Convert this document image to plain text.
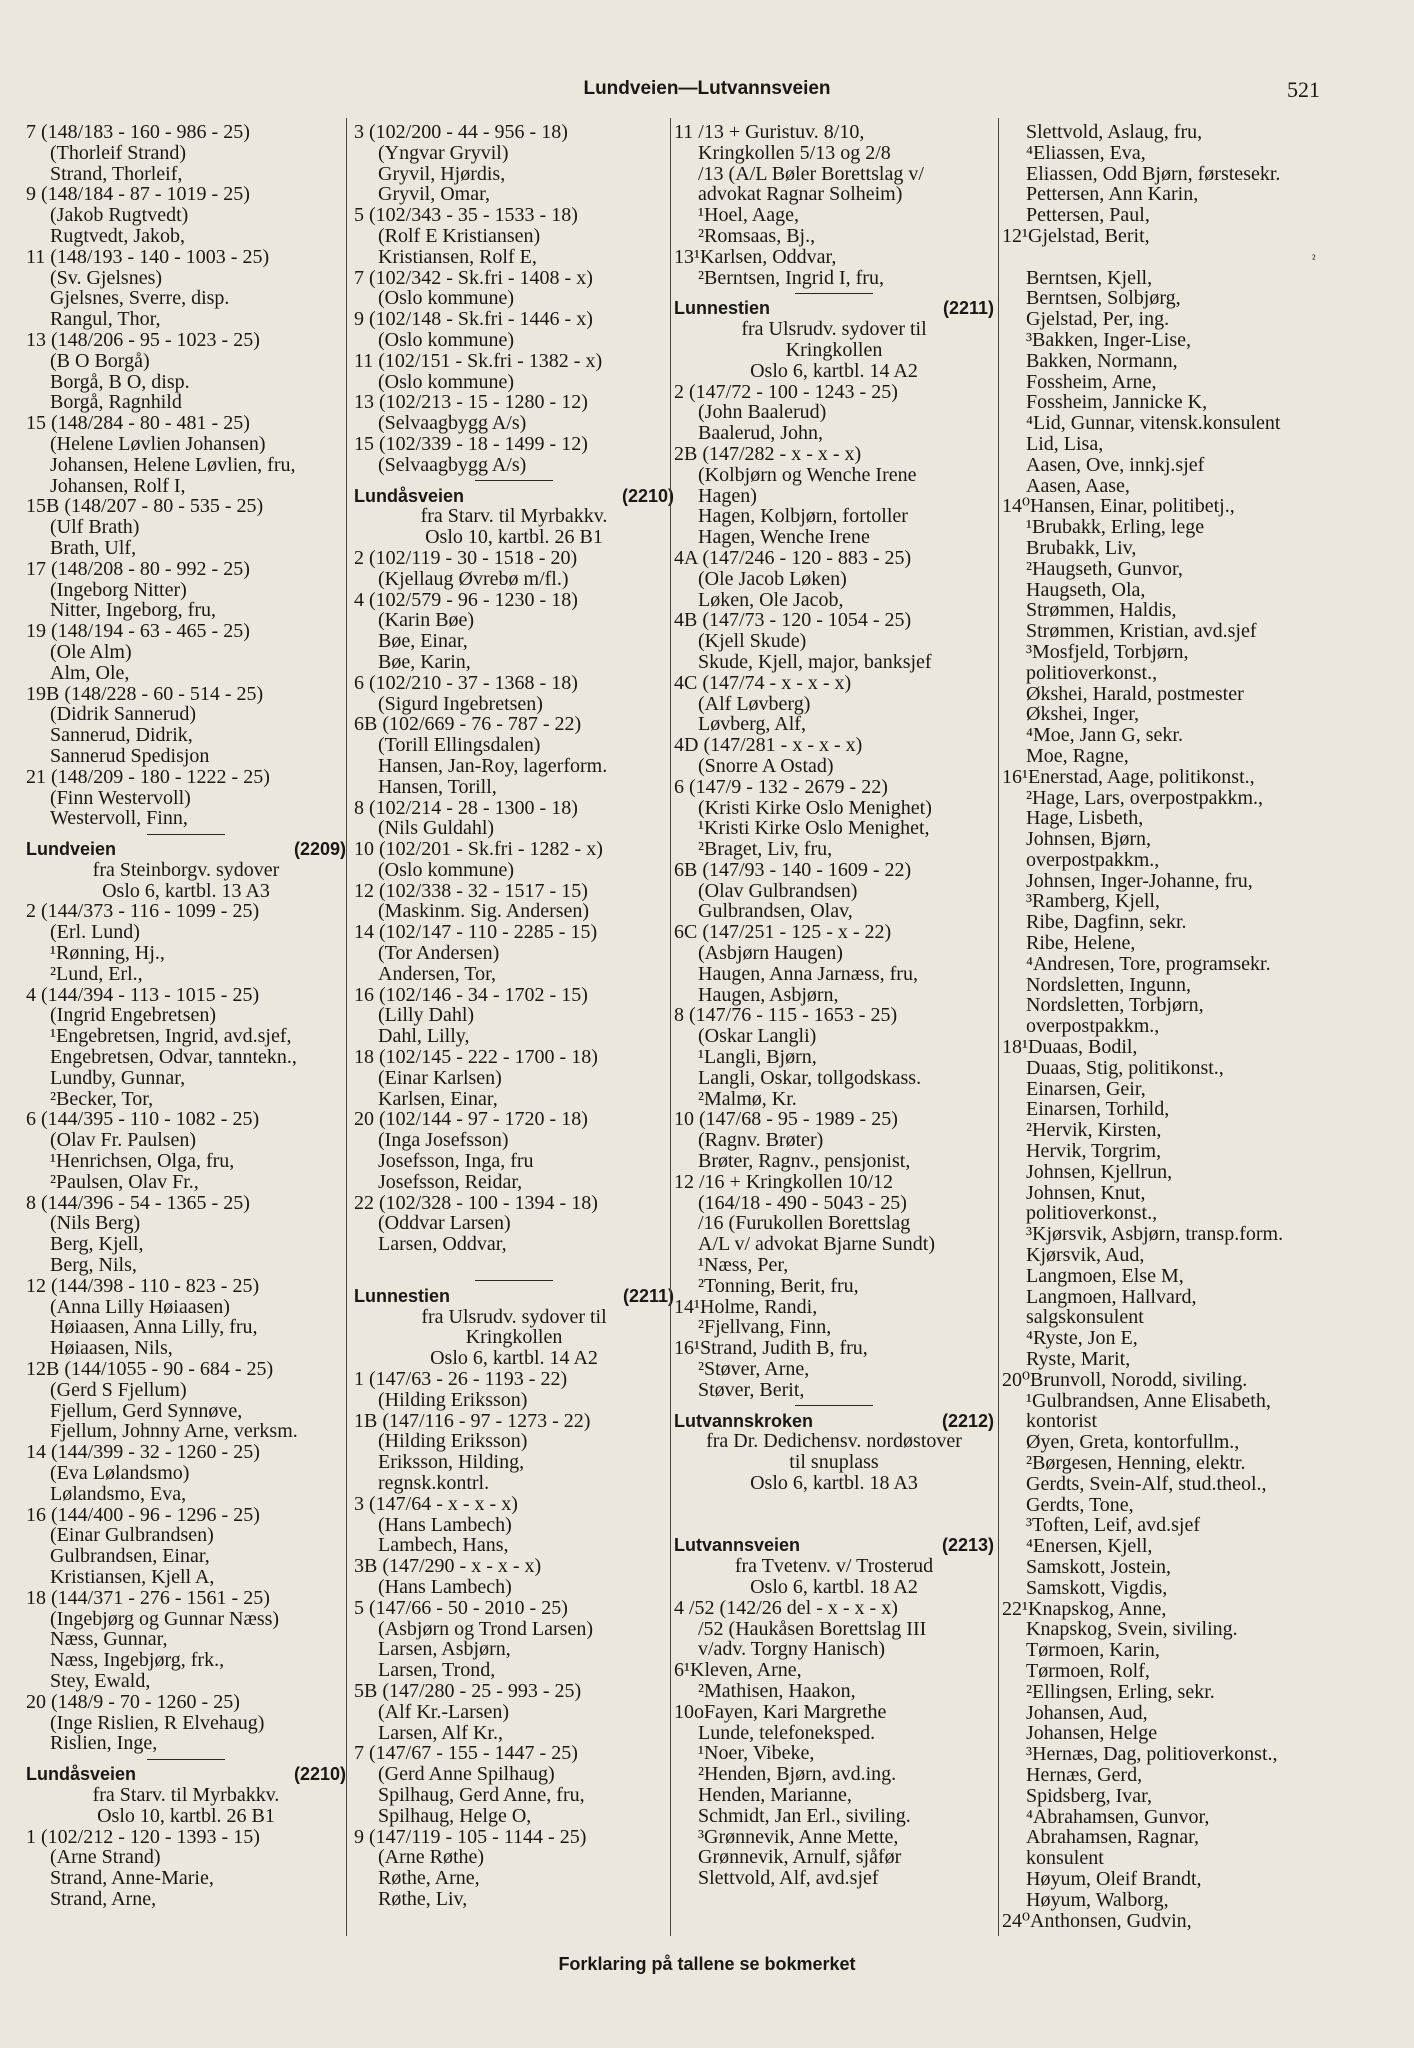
Lundveien—Lutvannsveien	521
7 (148/183 - 160 - 986 - 25)
(Thorleif Strand)
Strand, Thorleif,
9 (148/184 - 87 - 1019 - 25)
(Jakob Rugtvedt)
Rugtvedt, Jakob,
11 (148/193 - 140 - 1003 - 25)
(Sv. Gjelsnes)
Gjelsnes, Sverre, disp.
Rangul, Thor,
13 (148/206 - 95 - 1023 - 25)
(B O Borgå)
Borgå, B O, disp.
Borgå, Ragnhild
15 (148/284 - 80 - 481 - 25)
(Helene Løvlien Johansen)
Johansen, Helene Løvlien, fru,
Johansen, Rolf I,
15B (148/207 - 80 - 535 - 25)
(Ulf Brath)
Brath, Ulf,
17 (148/208 - 80 - 992 - 25)
(Ingeborg Nitter)
Nitter, Ingeborg, fru,
19 (148/194 - 63 - 465 - 25)
(Ole Alm)
Alm, Ole,
19B (148/228 - 60 - 514 - 25)
(Didrik Sannerud)
Sannerud, Didrik,
Sannerud Spedisjon
21 (148/209 - 180 - 1222 - 25)
(Finn Westervoll)
Westervoll, Finn,
Lundveien	(2209)
fra Steinborgv. sydover
Oslo 6, kartbl. 13 A3
2 (144/373 - 116 - 1099 - 25)
(Erl. Lund)
¹Rønning, Hj.,
²Lund, Erl.,
4 (144/394 - 113 - 1015 - 25)
(Ingrid Engebretsen)
¹Engebretsen, Ingrid, avd.sjef,
Engebretsen, Odvar, tanntekn.,
Lundby, Gunnar,
²Becker, Tor,
6 (144/395 - 110 - 1082 - 25)
(Olav Fr. Paulsen)
¹Henrichsen, Olga, fru,
²Paulsen, Olav Fr.,
8 (144/396 - 54 - 1365 - 25)
(Nils Berg)
Berg, Kjell,
Berg, Nils,
12 (144/398 - 110 - 823 - 25)
(Anna Lilly Høiaasen)
Høiaasen, Anna Lilly, fru,
Høiaasen, Nils,
12B (144/1055 - 90 - 684 - 25)
(Gerd S Fjellum)
Fjellum, Gerd Synnøve,
Fjellum, Johnny Arne, verksm.
14 (144/399 - 32 - 1260 - 25)
(Eva Lølandsmo)
Lølandsmo, Eva,
16 (144/400 - 96 - 1296 - 25)
(Einar Gulbrandsen)
Gulbrandsen, Einar,
Kristiansen, Kjell A,
18 (144/371 - 276 - 1561 - 25)
(Ingebjørg og Gunnar Næss)
Næss, Gunnar,
Næss, Ingebjørg, frk.,
Stey, Ewald,
20 (148/9 - 70 - 1260 - 25)
(Inge Rislien, R Elvehaug)
Rislien, Inge,
Lundåsveien	(2210)
fra Starv. til Myrbakkv.
Oslo 10, kartbl. 26 B1
1 (102/212 - 120 - 1393 - 15)
(Arne Strand)
Strand, Anne-Marie,
Strand, Arne,
3 (102/200 - 44 - 956 - 18)
(Yngvar Gryvil)
Gryvil, Hjørdis,
Gryvil, Omar,
5 (102/343 - 35 - 1533 - 18)
(Rolf E Kristiansen)
Kristiansen, Rolf E,
7 (102/342 - Sk.fri - 1408 - x)
(Oslo kommune)
9 (102/148 - Sk.fri - 1446 - x)
(Oslo kommune)
11 (102/151 - Sk.fri - 1382 - x)
(Oslo kommune)
13 (102/213 - 15 - 1280 - 12)
(Selvaagbygg A/s)
15 (102/339 - 18 - 1499 - 12)
(Selvaagbygg A/s)
Lundåsveien	(2210)
fra Starv. til Myrbakkv.
Oslo 10, kartbl. 26 B1
2 (102/119 - 30 - 1518 - 20)
(Kjellaug Øvrebø m/fl.)
4 (102/579 - 96 - 1230 - 18)
(Karin Bøe)
Bøe, Einar,
Bøe, Karin,
6 (102/210 - 37 - 1368 - 18)
(Sigurd Ingebretsen)
6B (102/669 - 76 - 787 - 22)
(Torill Ellingsdalen)
Hansen, Jan-Roy, lagerform.
Hansen, Torill,
8 (102/214 - 28 - 1300 - 18)
(Nils Guldahl)
10 (102/201 - Sk.fri - 1282 - x)
(Oslo kommune)
12 (102/338 - 32 - 1517 - 15)
(Maskinm. Sig. Andersen)
14 (102/147 - 110 - 2285 - 15)
(Tor Andersen)
Andersen, Tor,
16 (102/146 - 34 - 1702 - 15)
(Lilly Dahl)
Dahl, Lilly,
18 (102/145 - 222 - 1700 - 18)
(Einar Karlsen)
Karlsen, Einar,
20 (102/144 - 97 - 1720 - 18)
(Inga Josefsson)
Josefsson, Inga, fru
Josefsson, Reidar,
22 (102/328 - 100 - 1394 - 18)
(Oddvar Larsen)
Larsen, Oddvar,
Lunnestien	(2211)
fra Ulsrudv. sydover til
Kringkollen
Oslo 6, kartbl. 14 A2
1 (147/63 - 26 - 1193 - 22)
(Hilding Eriksson)
1B (147/116 - 97 - 1273 - 22)
(Hilding Eriksson)
Eriksson, Hilding,
regnsk.kontrl.
3 (147/64 - x - x - x)
(Hans Lambech)
Lambech, Hans,
3B (147/290 - x - x - x)
(Hans Lambech)
5 (147/66 - 50 - 2010 - 25)
(Asbjørn og Trond Larsen)
Larsen, Asbjørn,
Larsen, Trond,
5B (147/280 - 25 - 993 - 25)
(Alf Kr.-Larsen)
Larsen, Alf Kr.,
7 (147/67 - 155 - 1447 - 25)
(Gerd Anne Spilhaug)
Spilhaug, Gerd Anne, fru,
Spilhaug, Helge O,
9 (147/119 - 105 - 1144 - 25)
(Arne Røthe)
Røthe, Arne,
Røthe, Liv,
11 /13 + Guristuv. 8/10,
Kringkollen 5/13 og 2/8
/13 (A/L Bøler Borettslag v/
advokat Ragnar Solheim)
¹Hoel, Aage,
²Romsaas, Bj.,
13¹Karlsen, Oddvar,
²Berntsen, Ingrid I, fru,
Lunnestien	(2211)
fra Ulsrudv. sydover til
Kringkollen
Oslo 6, kartbl. 14 A2
2 (147/72 - 100 - 1243 - 25)
(John Baalerud)
Baalerud, John,
2B (147/282 - x - x - x)
(Kolbjørn og Wenche Irene
Hagen)
Hagen, Kolbjørn, fortoller
Hagen, Wenche Irene
4A (147/246 - 120 - 883 - 25)
(Ole Jacob Løken)
Løken, Ole Jacob,
4B (147/73 - 120 - 1054 - 25)
(Kjell Skude)
Skude, Kjell, major, banksjef
4C (147/74 - x - x - x)
(Alf Løvberg)
Løvberg, Alf,
4D (147/281 - x - x - x)
(Snorre A Ostad)
6 (147/9 - 132 - 2679 - 22)
(Kristi Kirke Oslo Menighet)
¹Kristi Kirke Oslo Menighet,
²Braget, Liv, fru,
6B (147/93 - 140 - 1609 - 22)
(Olav Gulbrandsen)
Gulbrandsen, Olav,
6C (147/251 - 125 - x - 22)
(Asbjørn Haugen)
Haugen, Anna Jarnæss, fru,
Haugen, Asbjørn,
8 (147/76 - 115 - 1653 - 25)
(Oskar Langli)
¹Langli, Bjørn,
Langli, Oskar, tollgodskass.
²Malmø, Kr.
10 (147/68 - 95 - 1989 - 25)
(Ragnv. Brøter)
Brøter, Ragnv., pensjonist,
12 /16 + Kringkollen 10/12
(164/18 - 490 - 5043 - 25)
/16 (Furukollen Borettslag
A/L v/ advokat Bjarne Sundt)
¹Næss, Per,
²Tonning, Berit, fru,
14¹Holme, Randi,
²Fjellvang, Finn,
16¹Strand, Judith B, fru,
²Støver, Arne,
Støver, Berit,
Lutvannskroken	(2212)
fra Dr. Dedichensv. nordøstover
til snuplass
Oslo 6, kartbl. 18 A3
Lutvannsveien	(2213)
fra Tvetenv. v/ Trosterud
Oslo 6, kartbl. 18 A2
4 /52 (142/26 del - x - x - x)
/52 (Haukåsen Borettslag III
v/adv. Torgny Hanisch)
6¹Kleven, Arne,
²Mathisen, Haakon,
10oFayen, Kari Margrethe
Lunde, telefoneksped.
¹Noer, Vibeke,
²Henden, Bjørn, avd.ing.
Henden, Marianne,
Schmidt, Jan Erl., siviling.
³Grønnevik, Anne Mette,
Grønnevik, Arnulf, sjåfør
Slettvold, Alf, avd.sjef
Slettvold, Aslaug, fru,
⁴Eliassen, Eva,
Eliassen, Odd Bjørn, førstesekr.
Pettersen, Ann Karin,
Pettersen, Paul,
12¹Gjelstad, Berit,
Berntsen, Kjell,
Berntsen, Solbjørg,
Gjelstad, Per, ing.
³Bakken, Inger-Lise,
Bakken, Normann,
Fossheim, Arne,
Fossheim, Jannicke K,
⁴Lid, Gunnar, vitensk.konsulent
Lid, Lisa,
Aasen, Ove, innkj.sjef
Aasen, Aase,
14⁰Hansen, Einar, politibetj.,
¹Brubakk, Erling, lege
Brubakk, Liv,
²Haugseth, Gunvor,
Haugseth, Ola,
Strømmen, Haldis,
Strømmen, Kristian, avd.sjef
³Mosfjeld, Torbjørn,
politioverkonst.,
Økshei, Harald, postmester
Økshei, Inger,
⁴Moe, Jann G, sekr.
Moe, Ragne,
16¹Enerstad, Aage, politikonst.,
²Hage, Lars, overpostpakkm.,
Hage, Lisbeth,
Johnsen, Bjørn,
overpostpakkm.,
Johnsen, Inger-Johanne, fru,
³Ramberg, Kjell,
Ribe, Dagfinn, sekr.
Ribe, Helene,
⁴Andresen, Tore, programsekr.
Nordsletten, Ingunn,
Nordsletten, Torbjørn,
overpostpakkm.,
18¹Duaas, Bodil,
Duaas, Stig, politikonst.,
Einarsen, Geir,
Einarsen, Torhild,
²Hervik, Kirsten,
Hervik, Torgrim,
Johnsen, Kjellrun,
Johnsen, Knut,
politioverkonst.,
³Kjørsvik, Asbjørn, transp.form.
Kjørsvik, Aud,
Langmoen, Else M,
Langmoen, Hallvard,
salgskonsulent
⁴Ryste, Jon E,
Ryste, Marit,
20⁰Brunvoll, Norodd, siviling.
¹Gulbrandsen, Anne Elisabeth,
kontorist
Øyen, Greta, kontorfullm.,
²Børgesen, Henning, elektr.
Gerdts, Svein-Alf, stud.theol.,
Gerdts, Tone,
³Toften, Leif, avd.sjef
⁴Enersen, Kjell,
Samskott, Jostein,
Samskott, Vigdis,
22¹Knapskog, Anne,
Knapskog, Svein, siviling.
Tørmoen, Karin,
Tørmoen, Rolf,
²Ellingsen, Erling, sekr.
Johansen, Aud,
Johansen, Helge
³Hernæs, Dag, politioverkonst.,
Hernæs, Gerd,
Spidsberg, Ivar,
⁴Abrahamsen, Gunvor,
Abrahamsen, Ragnar,
konsulent
Høyum, Oleif Brandt,
Høyum, Walborg,
24⁰Anthonsen, Gudvin,
²
Forklaring på tallene se bokmerket
